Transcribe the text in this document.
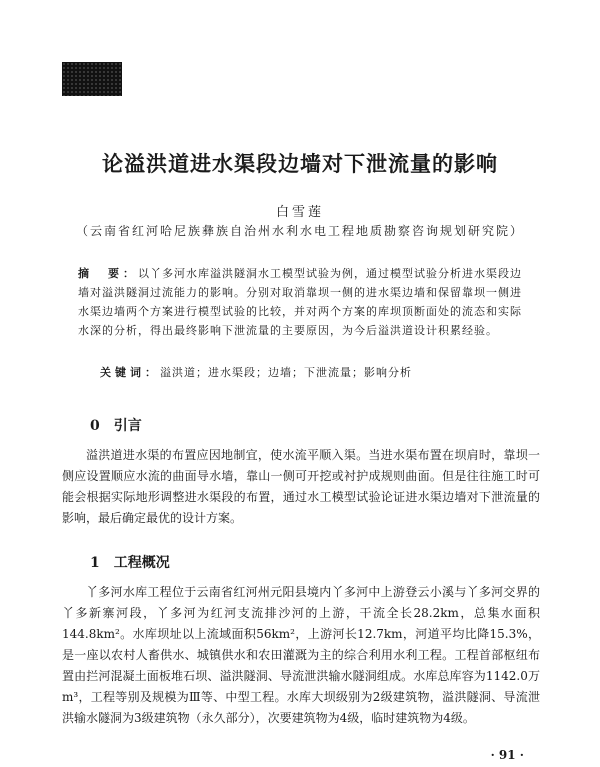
论溢洪道进水渠段边墙对下泄流量的影响
白雪莲
（云南省红河哈尼族彝族自治州水利水电工程地质勘察咨询规划研究院）
摘　要：以丫多河水库溢洪隧洞水工模型试验为例，通过模型试验分析进水渠段边墙对溢洪隧洞过流能力的影响。分别对取消靠坝一侧的进水渠边墙和保留靠坝一侧进水渠边墙两个方案进行模型试验的比较，并对两个方案的库坝顶断面处的流态和实际水深的分析，得出最终影响下泄流量的主要原因，为今后溢洪道设计积累经验。
关键词：溢洪道；进水渠段；边墙；下泄流量；影响分析
0 引言
溢洪道进水渠的布置应因地制宜，使水流平顺入渠。当进水渠布置在坝肩时，靠坝一侧应设置顺应水流的曲面导水墙，靠山一侧可开挖或衬护成规则曲面。但是往往施工时可能会根据实际地形调整进水渠段的布置，通过水工模型试验论证进水渠边墙对下泄流量的影响，最后确定最优的设计方案。
1 工程概况
丫多河水库工程位于云南省红河州元阳县境内丫多河中上游登云小溪与丫多河交界的丫多新寨河段，丫多河为红河支流排沙河的上游，干流全长28.2km，总集水面积144.8km²。水库坝址以上流域面积56km²，上游河长12.7km，河道平均比降15.3%，是一座以农村人畜供水、城镇供水和农田灌溉为主的综合利用水利工程。工程首部枢纽布置由拦河混凝土面板堆石坝、溢洪隧洞、导流泄洪输水隧洞组成。水库总库容为1142.0万m³，工程等别及规模为Ⅲ等、中型工程。水库大坝级别为2级建筑物，溢洪隧洞、导流泄洪输水隧洞为3级建筑物（永久部分），次要建筑物为4级，临时建筑物为4级。
· 91 ·
